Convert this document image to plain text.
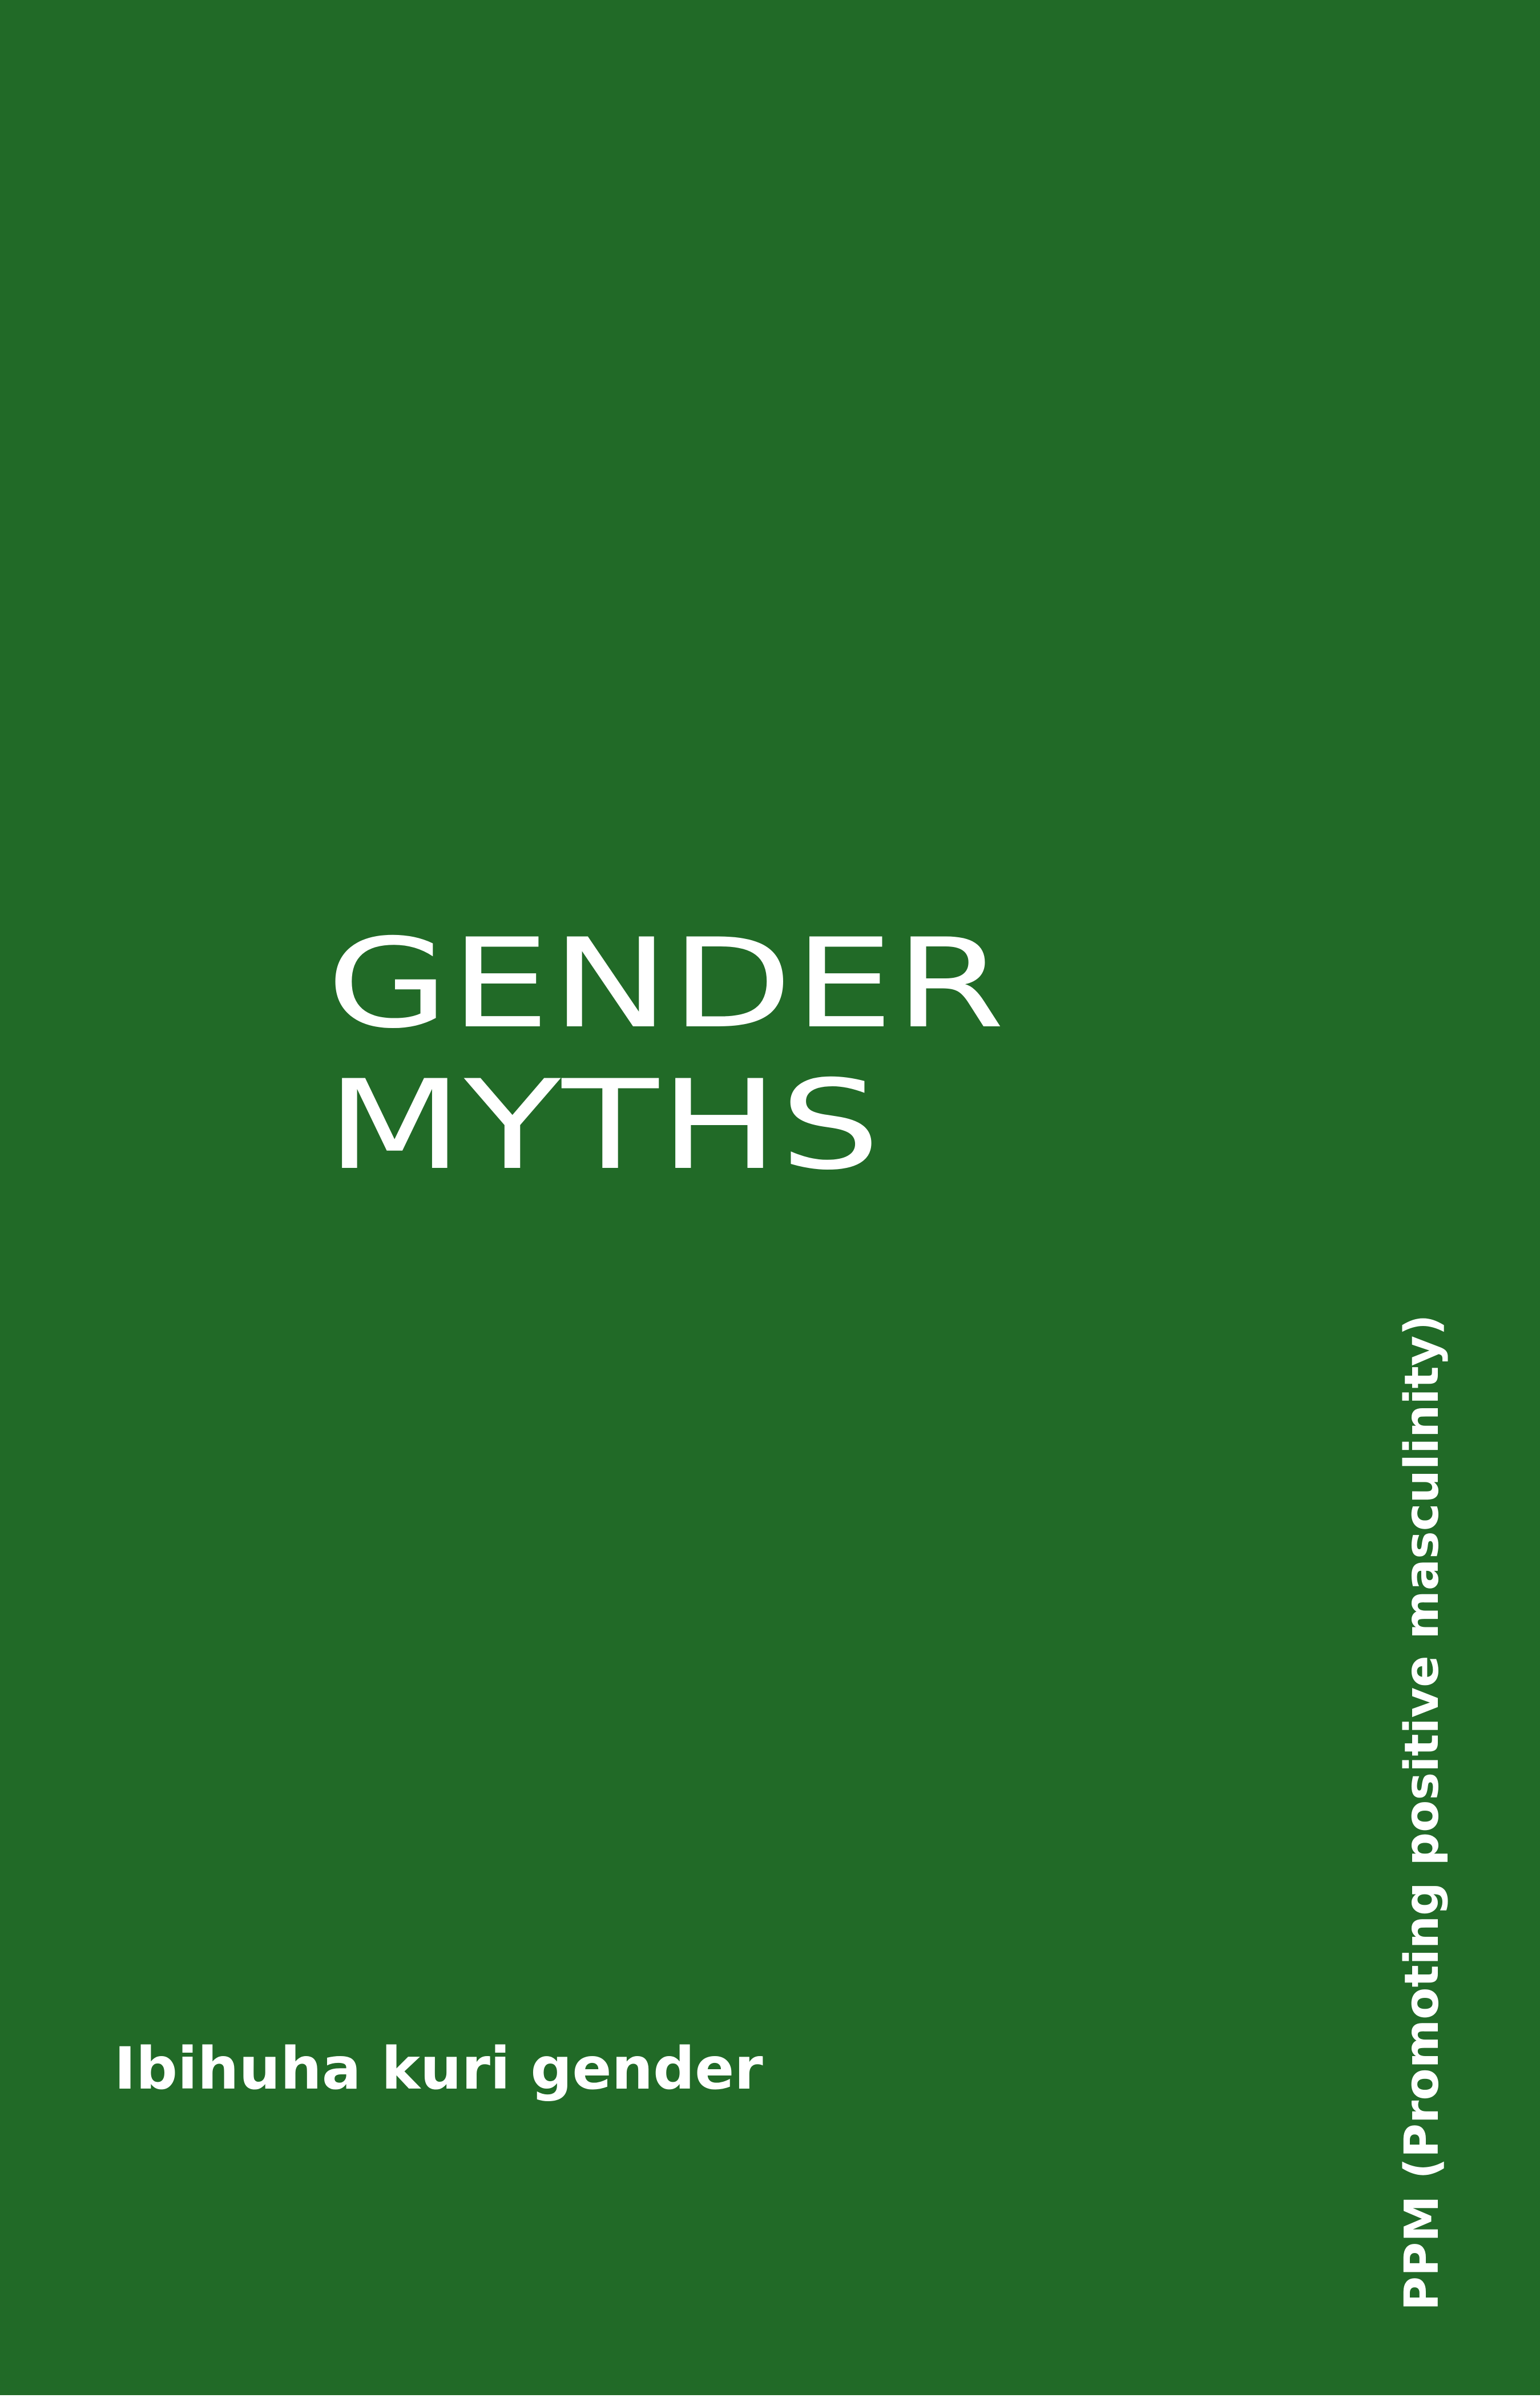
GENDER
MYTHS
Ibihuha kuri gender	PPM (Promoting positive masculinity)
